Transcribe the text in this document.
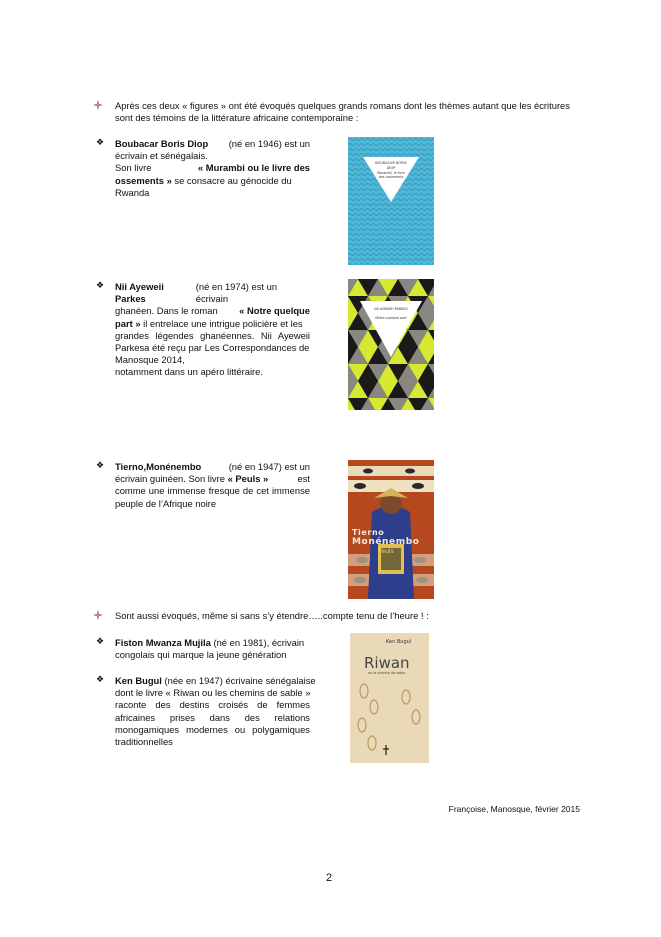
Après ces deux « figures » ont été évoqués quelques grands romans dont les thèmes autant que les écritures
sont des témoins de la littérature africaine contemporaine :
❖ Boubacar Boris Diop (né en 1946) est un
écrivain et sénégalais.
Son livre	« Murambi ou le livre des
ossements » se consacre au génocide du
Rwanda
BOUBACAR BORIS DIOP
Murambi, le livre des ossements
❖ Nii Ayeweii Parkes
(né en 1974) est un écrivain
ghanéen. Dans le roman « Notre quelque
part » il entrelace une intrigue policière et les
grandes légendes ghanéennes. Nii Ayeweii
Parkesa été reçu par Les Correspondances de
Manosque 2014,
notamment dans un apéro littéraire.
NII AYIKWEI PARKES
Notre quelque part
❖ Tierno,Monénembo	(né en 1947) est un
écrivain guinéen. Son livre « Peuls »	est
comme une immense fresque de cet immense
peuple de l’Afrique noire
Tierno
Monénembo
Peuls
Sont aussi évoqués, même si sans s’y étendre…..compte tenu de l’heure ! :
❖ Fiston Mwanza Mujila (né en 1981), écrivain
congolais qui marque la jeune génération
❖ Ken Bugul (née en 1947) écrivaine sénégalaise
dont le livre « Riwan ou les chemins de sable »
raconte des destins croisés de femmes
africaines prises dans des relations
monogamiques modernes ou polygamiques
traditionnelles
Ken Bugul
Riwan
ou le chemin de sable
Françoise, Manosque, février 2015
2
